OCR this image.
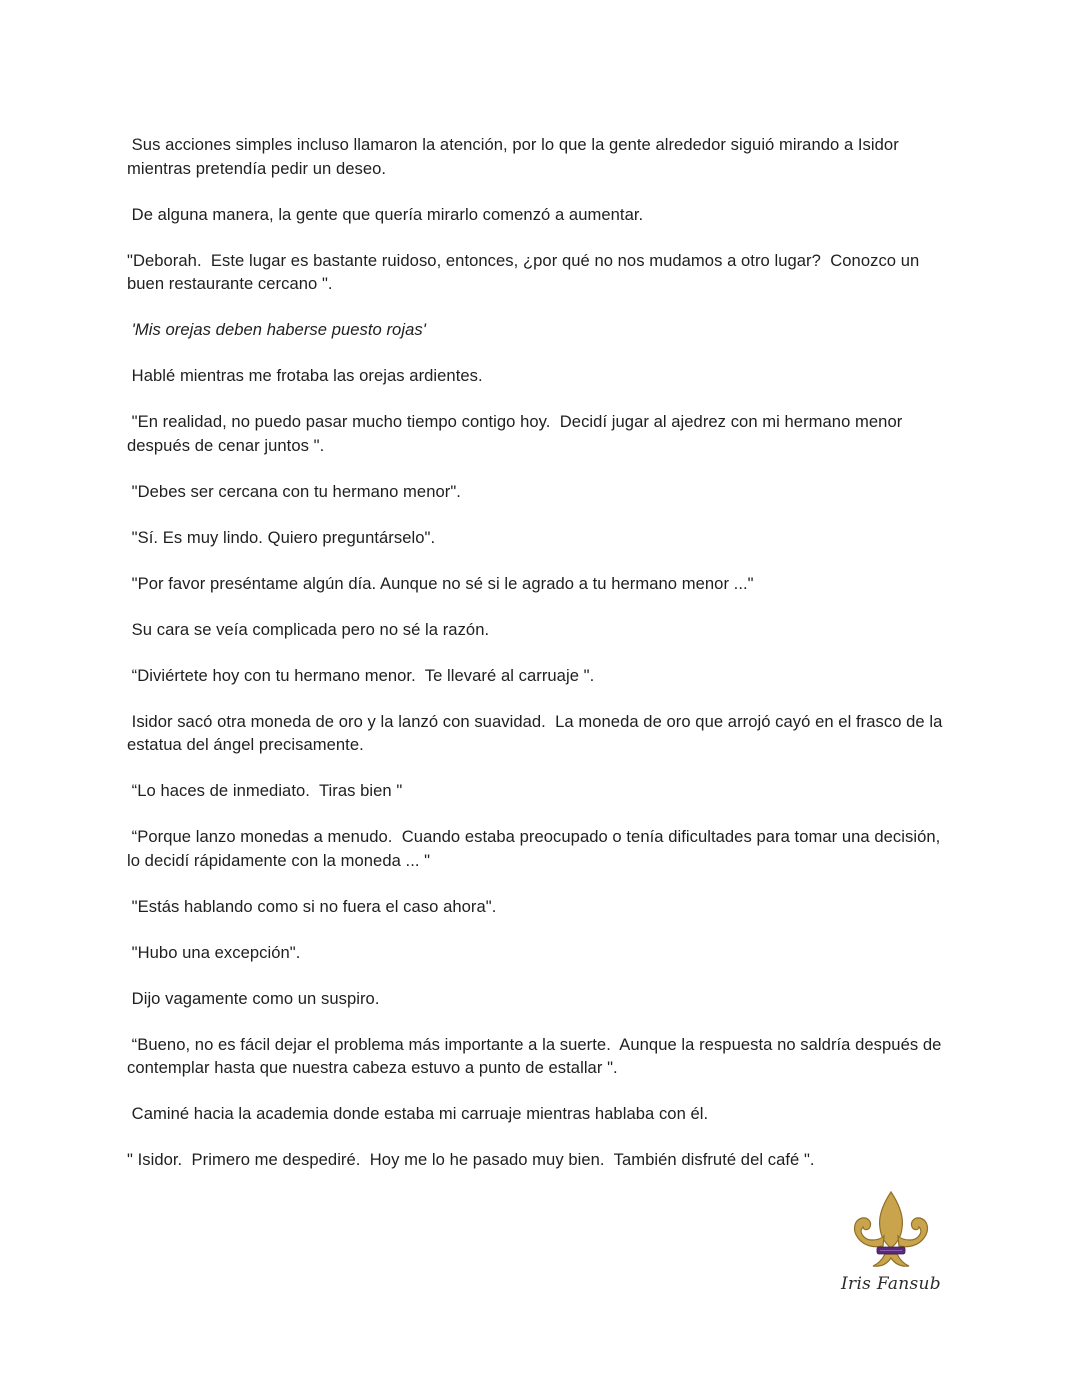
Sus acciones simples incluso llamaron la atención, por lo que la gente alrededor siguió mirando a Isidor mientras pretendía pedir un deseo.

De alguna manera, la gente que quería mirarlo comenzó a aumentar.

"Deborah.  Este lugar es bastante ruidoso, entonces, ¿por qué no nos mudamos a otro lugar?  Conozco un buen restaurante cercano ".

'Mis orejas deben haberse puesto rojas'

Hablé mientras me frotaba las orejas ardientes.

"En realidad, no puedo pasar mucho tiempo contigo hoy.  Decidí jugar al ajedrez con mi hermano menor después de cenar juntos ".

"Debes ser cercana con tu hermano menor".

"Sí. Es muy lindo. Quiero preguntárselo".

"Por favor preséntame algún día. Aunque no sé si le agrado a tu hermano menor ..."

Su cara se veía complicada pero no sé la razón.

“Diviértete hoy con tu hermano menor.  Te llevaré al carruaje ".

Isidor sacó otra moneda de oro y la lanzó con suavidad.  La moneda de oro que arrojó cayó en el frasco de la estatua del ángel precisamente.

“Lo haces de inmediato.  Tiras bien "

“Porque lanzo monedas a menudo.  Cuando estaba preocupado o tenía dificultades para tomar una decisión, lo decidí rápidamente con la moneda ... "

"Estás hablando como si no fuera el caso ahora".

"Hubo una excepción".

Dijo vagamente como un suspiro.

“Bueno, no es fácil dejar el problema más importante a la suerte.  Aunque la respuesta no saldría después de contemplar hasta que nuestra cabeza estuvo a punto de estallar ".

Caminé hacia la academia donde estaba mi carruaje mientras hablaba con él.

" Isidor.  Primero me despediré.  Hoy me lo he pasado muy bien.  También disfruté del café ".

Iris Fansub
